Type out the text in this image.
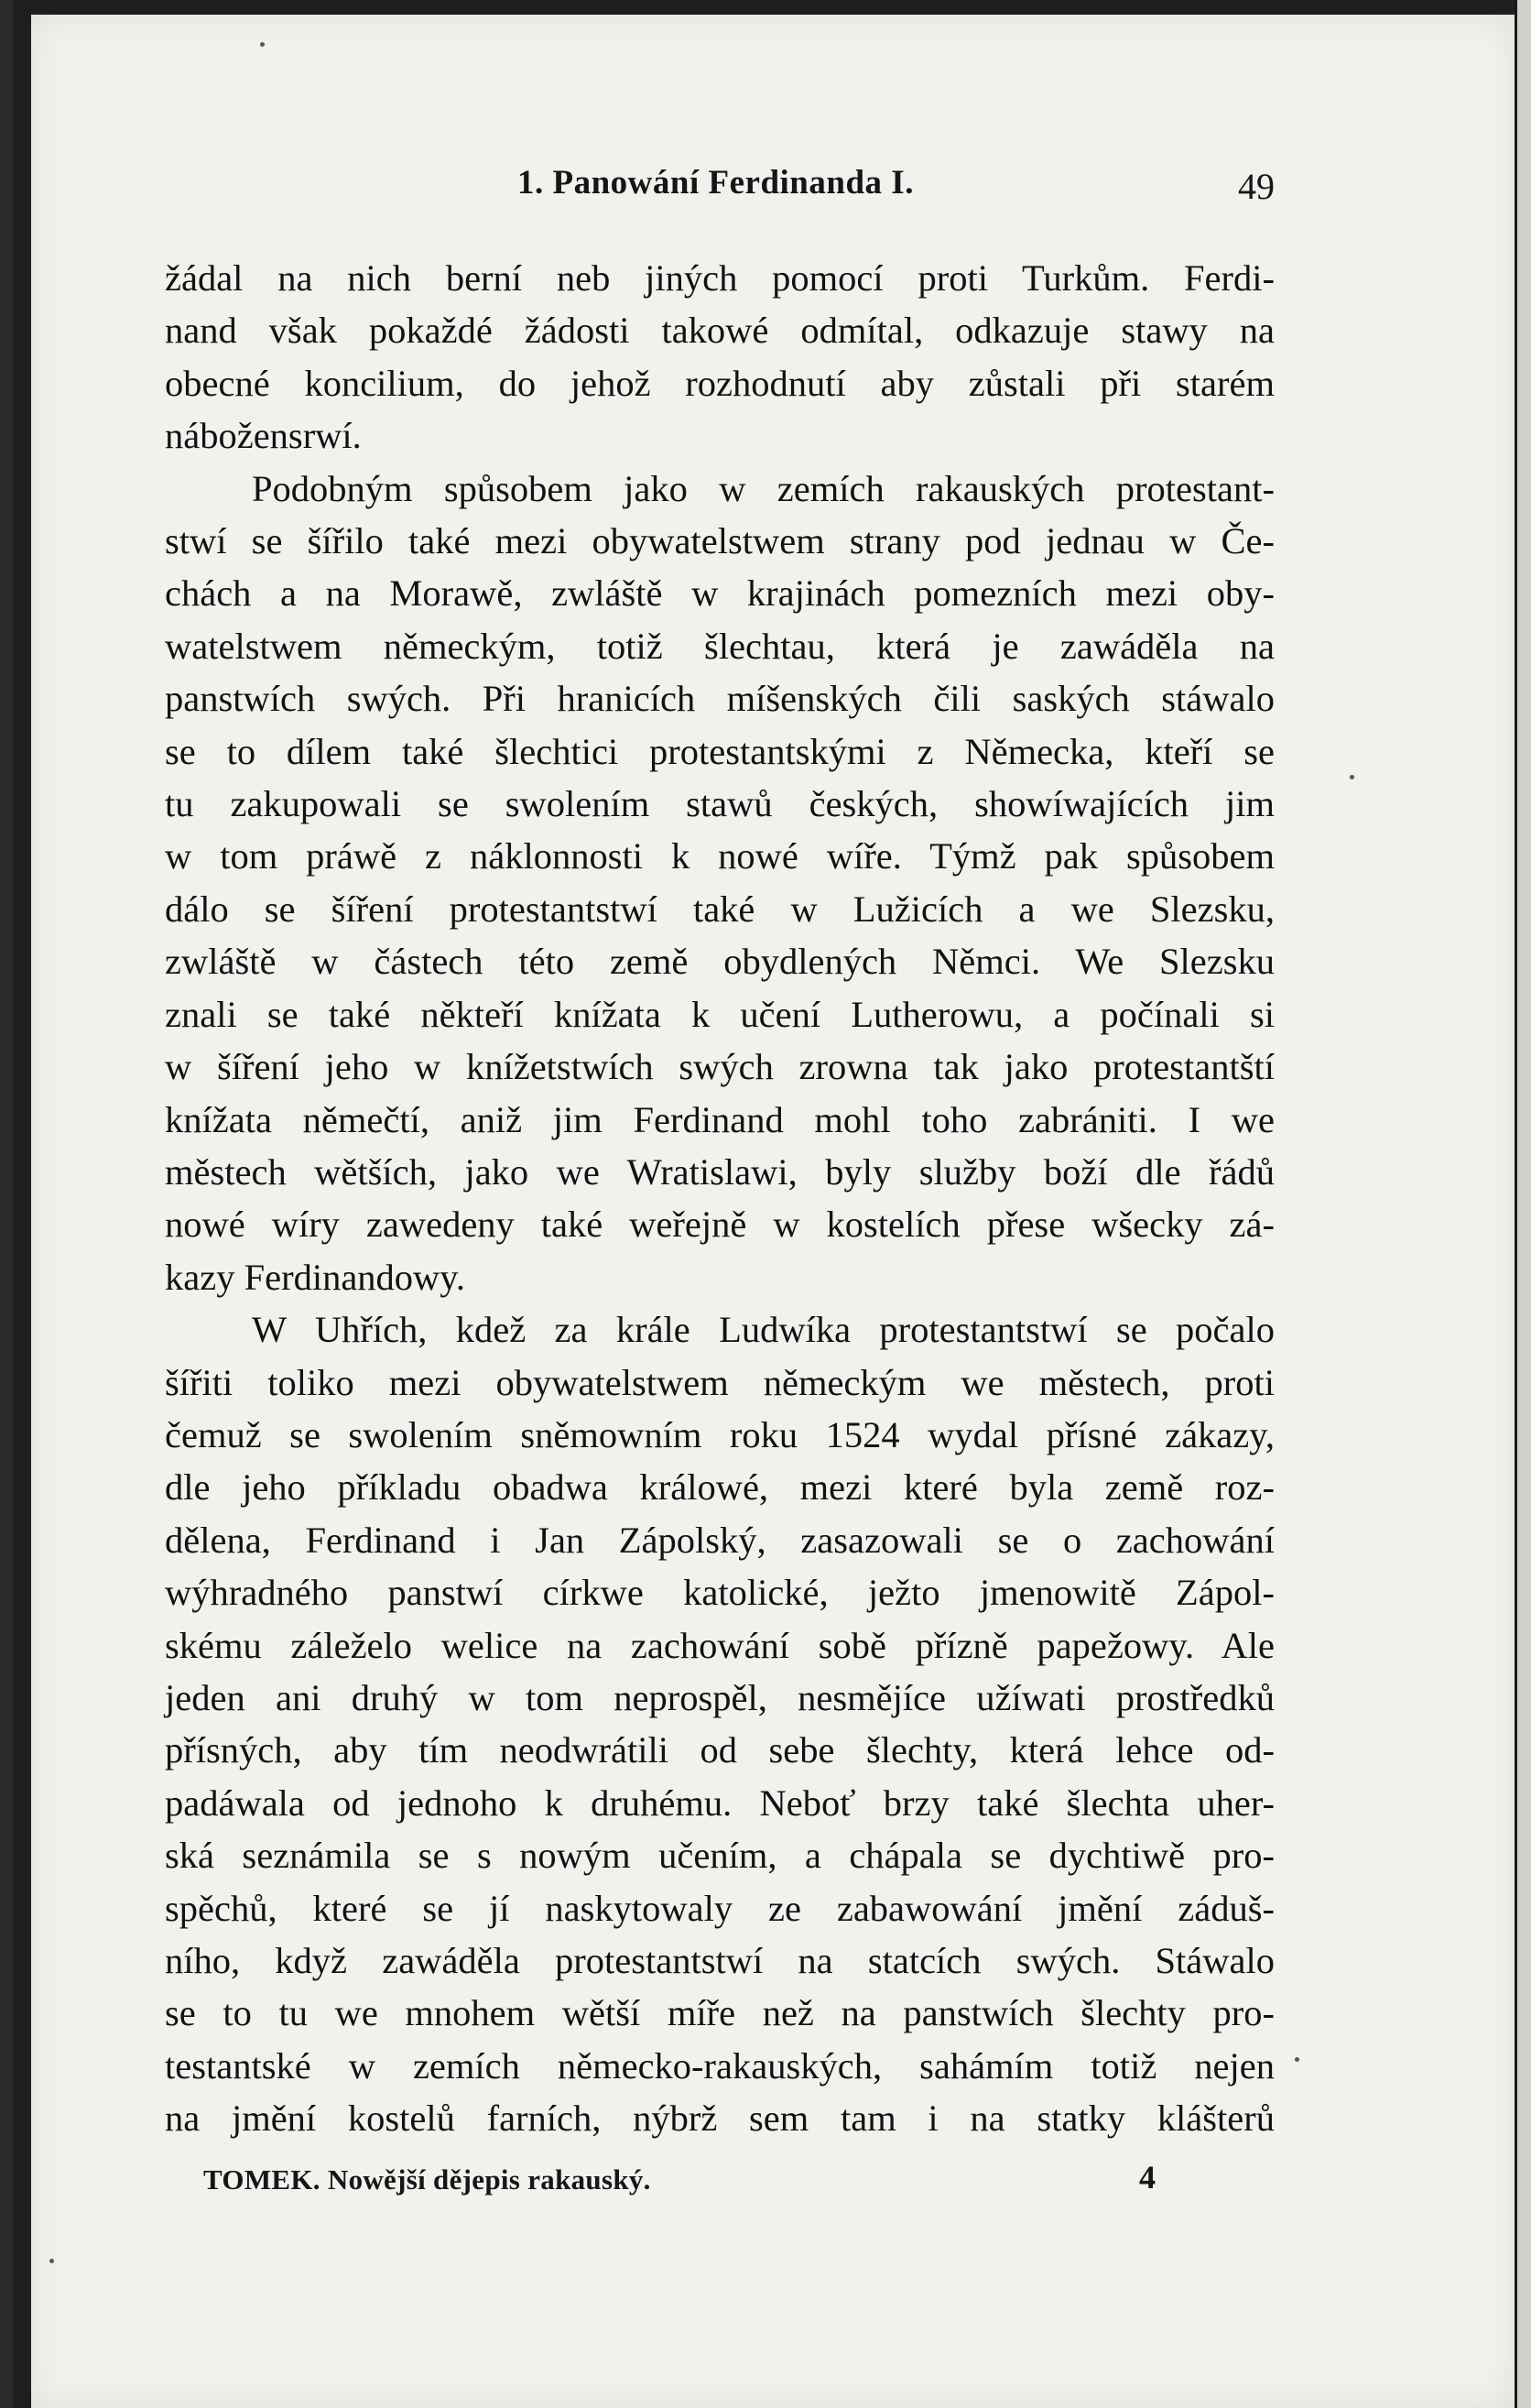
1. Panowání Ferdinanda I.	49
žádal na nich berní neb jiných pomocí proti Turkům. Ferdi-
nand však pokaždé žádosti takowé odmítal, odkazuje stawy na
obecné koncilium, do jehož rozhodnutí aby zůstali při starém
nábožensrwí.
Podobným spůsobem jako w zemích rakauských protestant-
stwí se šířilo také mezi obywatelstwem strany pod jednau w Če-
chách a na Morawě, zwláště w krajinách pomezních mezi oby-
watelstwem německým, totiž šlechtau, která je zawáděla na
panstwích swých. Při hranicích míšenských čili saských stáwalo
se to dílem také šlechtici protestantskými z Německa, kteří se
tu zakupowali se swolením stawů českých, showíwajících jim
w tom práwě z náklonnosti k nowé wíře. Týmž pak spůsobem
dálo se šíření protestantstwí také w Lužicích a we Slezsku,
zwláště w částech této země obydlených Němci. We Slezsku
znali se také někteří knížata k učení Lutherowu, a počínali si
w šíření jeho w knížetstwích swých zrowna tak jako protestantští
knížata němečtí, aniž jim Ferdinand mohl toho zabrániti. I we
městech wětších, jako we Wratislawi, byly služby boží dle řádů
nowé wíry zawedeny také weřejně w kostelích přese wšecky zá-
kazy Ferdinandowy.
W Uhřích, kdež za krále Ludwíka protestantstwí se počalo
šířiti toliko mezi obywatelstwem německým we městech, proti
čemuž se swolením sněmowním roku 1524 wydal přísné zákazy,
dle jeho příkladu obadwa králowé, mezi které byla země roz-
dělena, Ferdinand i Jan Zápolský, zasazowali se o zachowání
wýhradného panstwí církwe katolické, ježto jmenowitě Zápol-
skému záleželo welice na zachowání sobě přízně papežowy. Ale
jeden ani druhý w tom neprospěl, nesmějíce užíwati prostředků
přísných, aby tím neodwrátili od sebe šlechty, která lehce od-
padáwala od jednoho k druhému. Neboť brzy také šlechta uher-
ská seznámila se s nowým učením, a chápala se dychtiwě pro-
spěchů, které se jí naskytowaly ze zabawowání jmění záduš-
ního, když zawáděla protestantstwí na statcích swých. Stáwalo
se to tu we mnohem wětší míře než na panstwích šlechty pro-
testantské w zemích německo-rakauských, sahámím totiž nejen
na jmění kostelů farních, nýbrž sem tam i na statky klášterů
TOMEK. Nowější dějepis rakauský.	4
